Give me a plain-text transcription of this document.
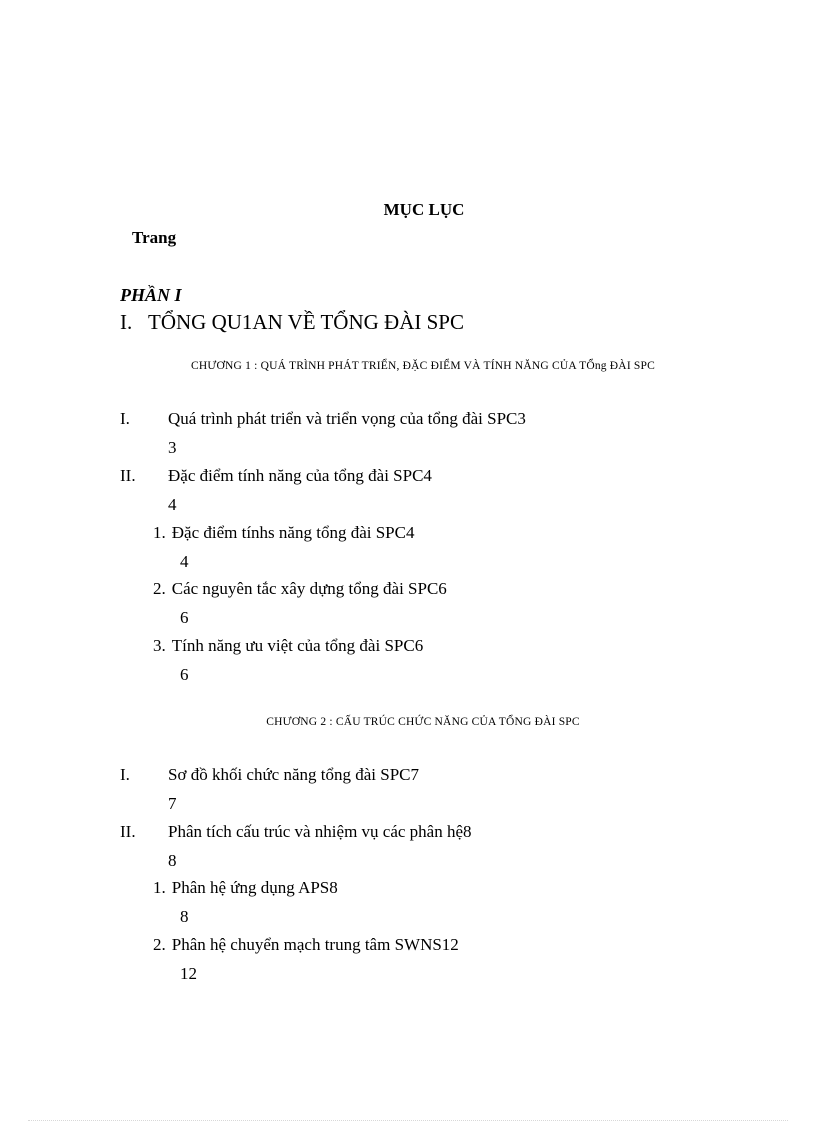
MỤC LỤC
Trang
PHẦN I
I. TỔNG QU1AN VỀ TỔNG ĐÀI SPC
CHƯƠNG 1 : QUÁ TRÌNH PHÁT TRIỂN, ĐẶC ĐIỂM VÀ TÍNH NĂNG CỦA TỔng ĐÀI SPC
I. Quá trình phát triển và triển vọng của tổng đài SPC3
3
II. Đặc điểm tính năng của tổng đài SPC4
4
1. Đặc điểm tínhs năng tổng đài SPC4
4
2. Các nguyên tắc xây dựng tổng đài SPC6
6
3. Tính năng ưu việt của tổng đài SPC6
6
CHƯƠNG 2 : CẤU TRÚC CHỨC NĂNG CỦA TỔNG ĐÀI SPC
I. Sơ đồ khối chức năng tổng đài SPC7
7
II. Phân tích cấu trúc và nhiệm vụ các phân hệ8
8
1. Phân hệ ứng dụng APS8
8
2. Phân hệ chuyển mạch trung tâm SWNS12
12
